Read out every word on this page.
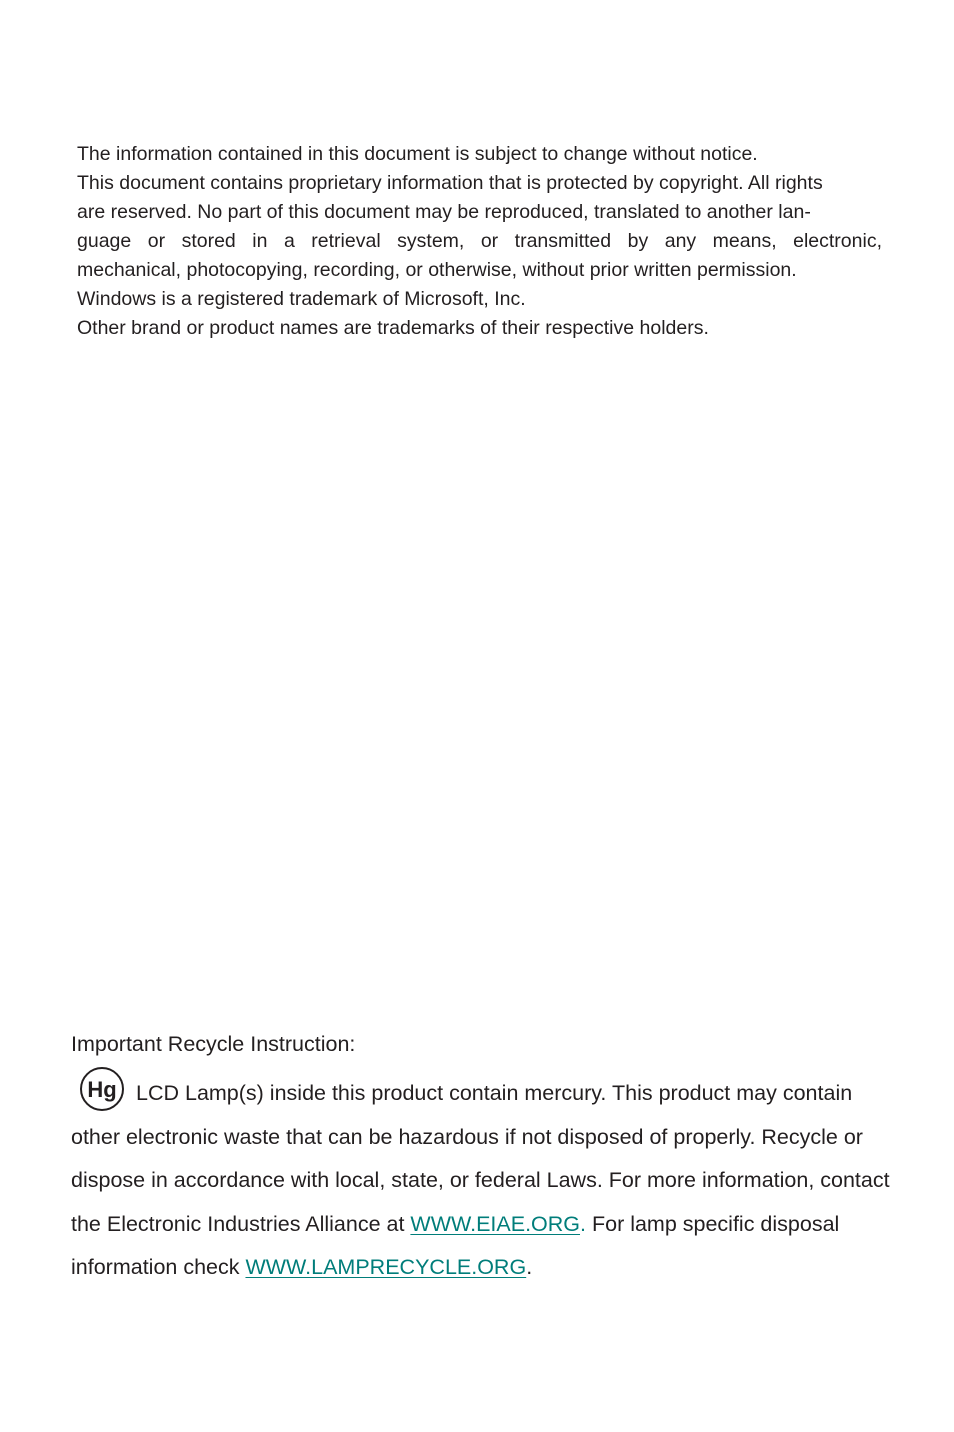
The information contained in this document is subject to change without notice.
This document contains proprietary information that is protected by copyright. All rights
are reserved. No part of this document may be reproduced, translated to another lan-
guage or stored in a retrieval system, or transmitted by any means, electronic,
mechanical, photocopying, recording, or otherwise, without prior written permission.
Windows is a registered trademark of Microsoft, Inc.
Other brand or product names are trademarks of their respective holders.
Important Recycle Instruction:
Hg LCD Lamp(s) inside this product contain mercury. This product may contain other electronic waste that can be hazardous if not disposed of properly. Recycle or dispose in accordance with local, state, or federal Laws. For more information, contact the Electronic Industries Alliance at WWW.EIAE.ORG. For lamp specific disposal information check WWW.LAMPRECYCLE.ORG.
